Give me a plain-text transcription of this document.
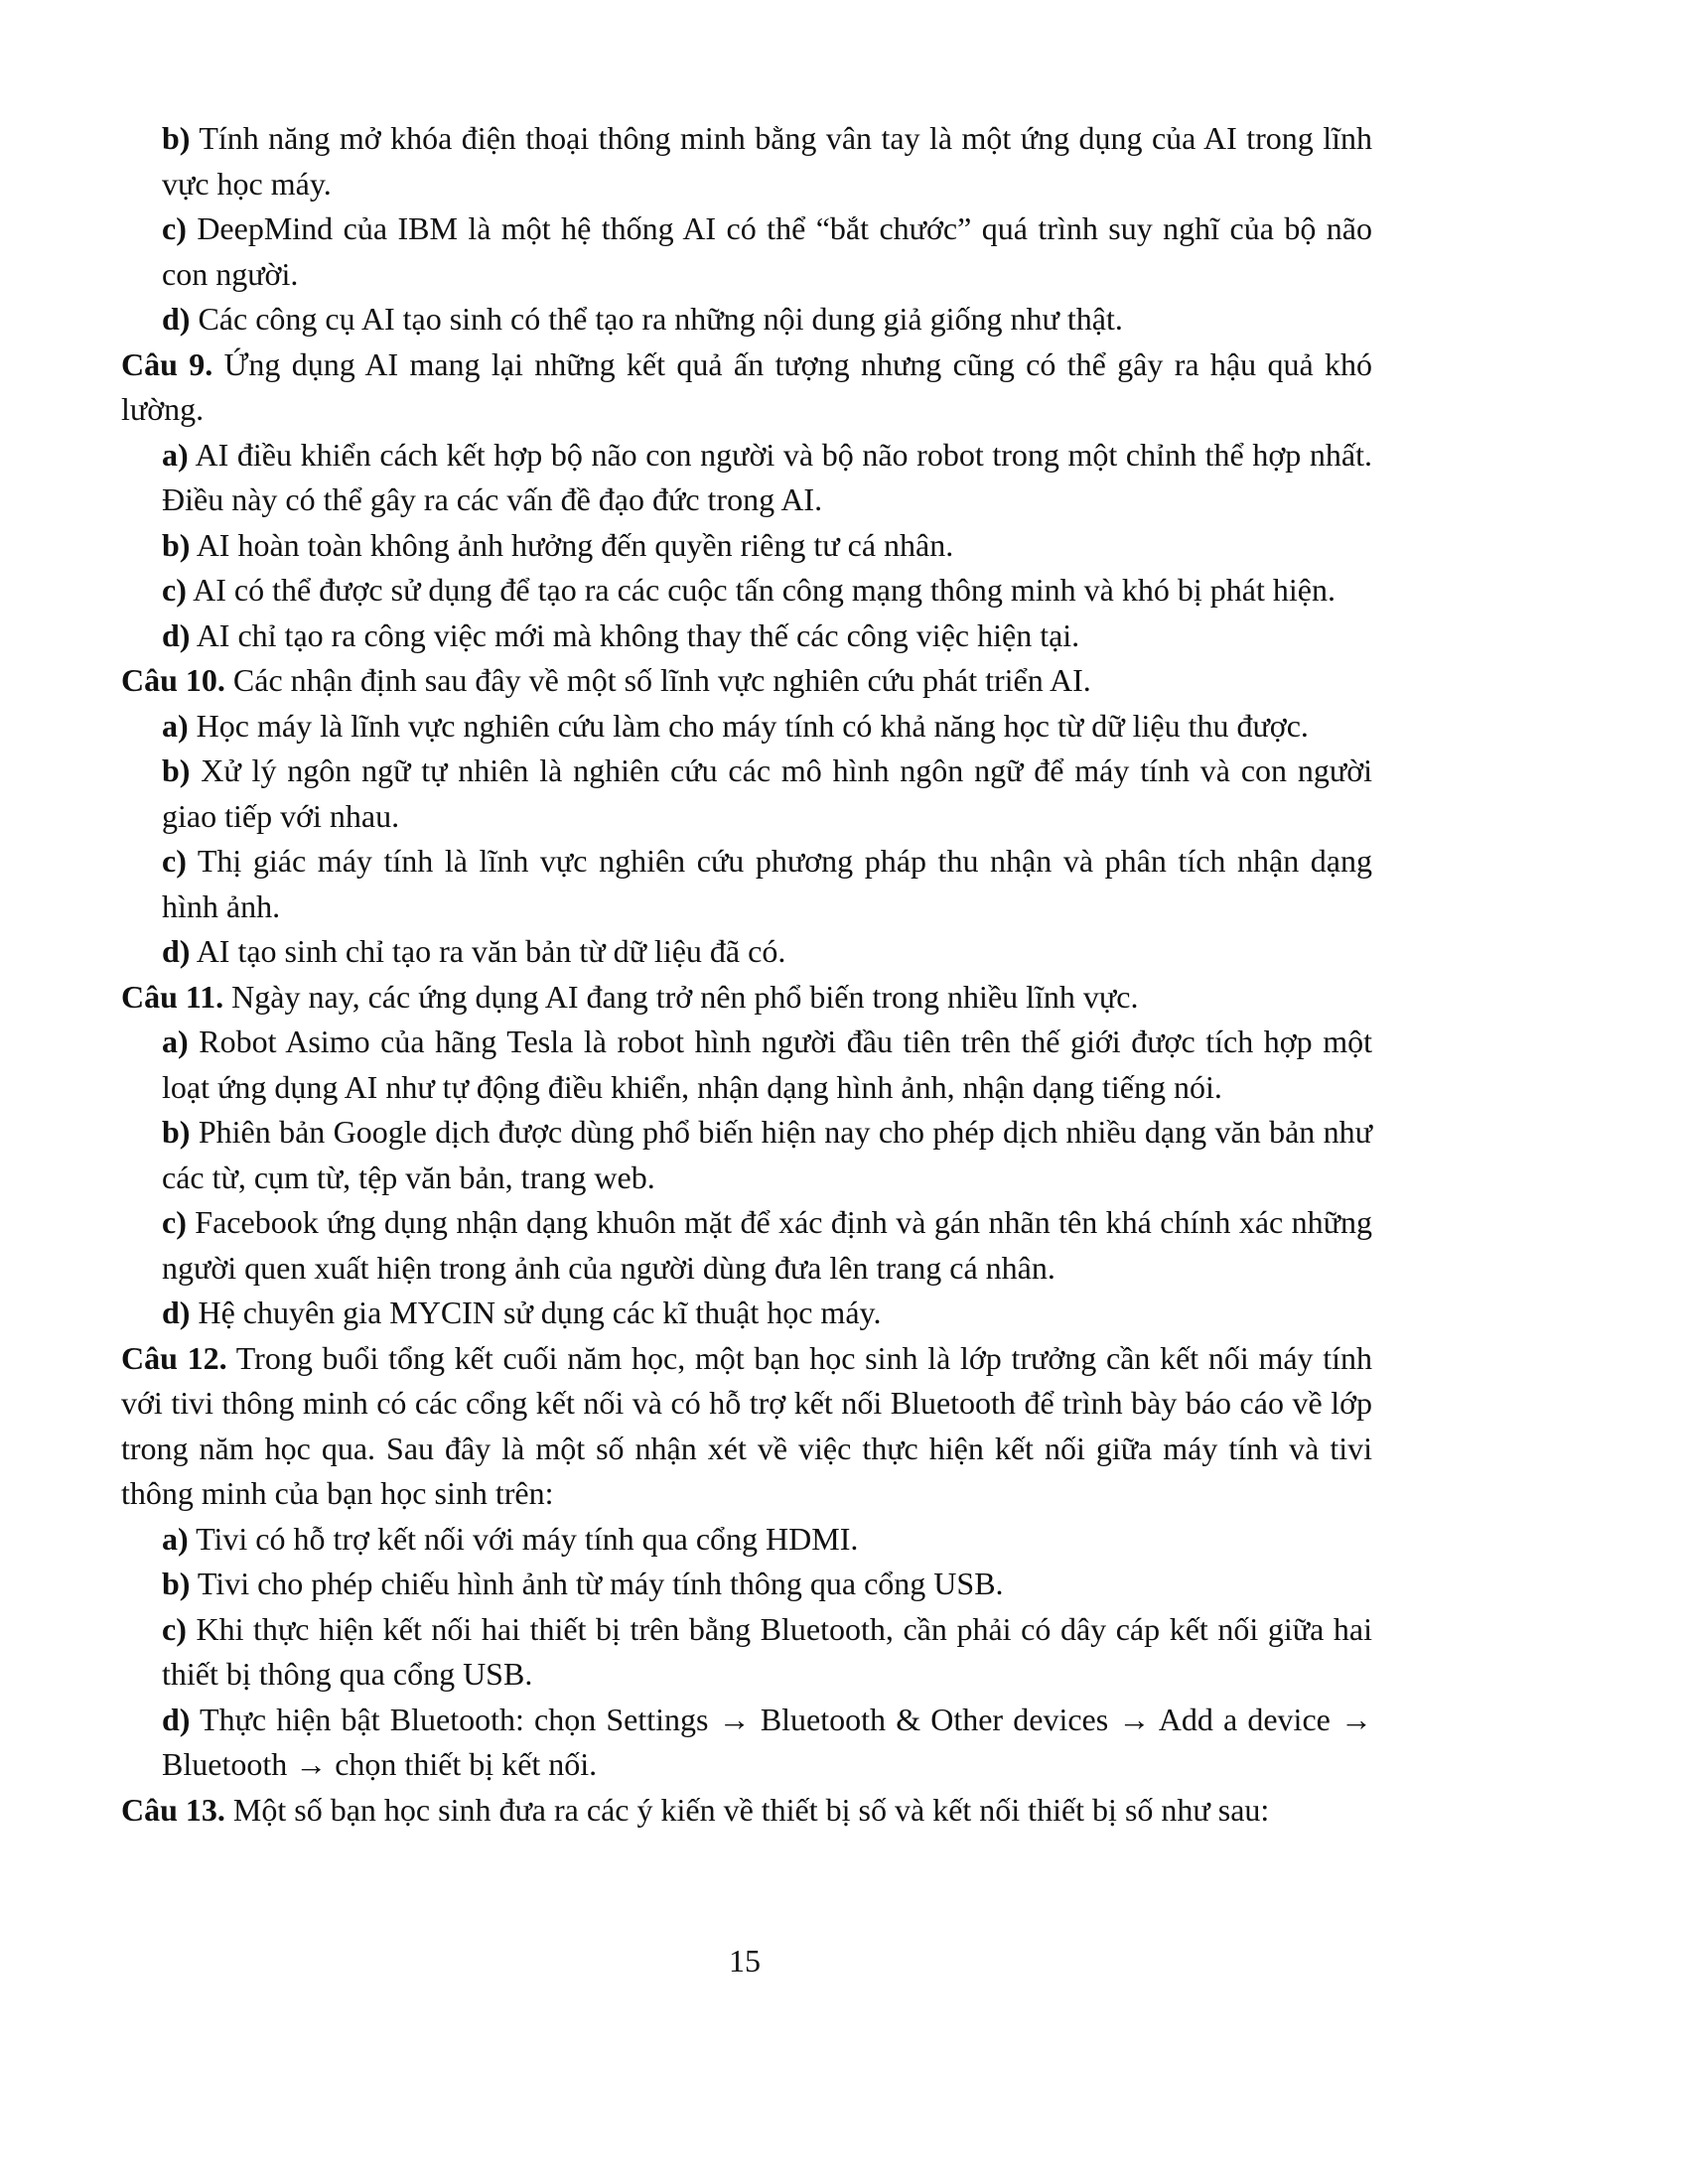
b) Tính năng mở khóa điện thoại thông minh bằng vân tay là một ứng dụng của AI trong lĩnh vực học máy.

c) DeepMind của IBM là một hệ thống AI có thể “bắt chước” quá trình suy nghĩ của bộ não con người.

d) Các công cụ AI tạo sinh có thể tạo ra những nội dung giả giống như thật.

Câu 9. Ứng dụng AI mang lại những kết quả ấn tượng nhưng cũng có thể gây ra hậu quả khó lường.

a) AI điều khiển cách kết hợp bộ não con người và bộ não robot trong một chỉnh thể hợp nhất. Điều này có thể gây ra các vấn đề đạo đức trong AI.

b) AI hoàn toàn không ảnh hưởng đến quyền riêng tư cá nhân.

c) AI có thể được sử dụng để tạo ra các cuộc tấn công mạng thông minh và khó bị phát hiện.

d) AI chỉ tạo ra công việc mới mà không thay thế các công việc hiện tại.

Câu 10. Các nhận định sau đây về một số lĩnh vực nghiên cứu phát triển AI.

a) Học máy là lĩnh vực nghiên cứu làm cho máy tính có khả năng học từ dữ liệu thu được.

b) Xử lý ngôn ngữ tự nhiên là nghiên cứu các mô hình ngôn ngữ để máy tính và con người giao tiếp với nhau.

c) Thị giác máy tính là lĩnh vực nghiên cứu phương pháp thu nhận và phân tích nhận dạng hình ảnh.

d) AI tạo sinh chỉ tạo ra văn bản từ dữ liệu đã có.

Câu 11. Ngày nay, các ứng dụng AI đang trở nên phổ biến trong nhiều lĩnh vực.

a) Robot Asimo của hãng Tesla là robot hình người đầu tiên trên thế giới được tích hợp một loạt ứng dụng AI như tự động điều khiển, nhận dạng hình ảnh, nhận dạng tiếng nói.

b) Phiên bản Google dịch được dùng phổ biến hiện nay cho phép dịch nhiều dạng văn bản như các từ, cụm từ, tệp văn bản, trang web.

c) Facebook ứng dụng nhận dạng khuôn mặt để xác định và gán nhãn tên khá chính xác những người quen xuất hiện trong ảnh của người dùng đưa lên trang cá nhân.

d) Hệ chuyên gia MYCIN sử dụng các kĩ thuật học máy.

Câu 12. Trong buổi tổng kết cuối năm học, một bạn học sinh là lớp trưởng cần kết nối máy tính với tivi thông minh có các cổng kết nối và có hỗ trợ kết nối Bluetooth để trình bày báo cáo về lớp trong năm học qua. Sau đây là một số nhận xét về việc thực hiện kết nối giữa máy tính và tivi thông minh của bạn học sinh trên:

a) Tivi có hỗ trợ kết nối với máy tính qua cổng HDMI.

b) Tivi cho phép chiếu hình ảnh từ máy tính thông qua cổng USB.

c) Khi thực hiện kết nối hai thiết bị trên bằng Bluetooth, cần phải có dây cáp kết nối giữa hai thiết bị thông qua cổng USB.

d) Thực hiện bật Bluetooth: chọn Settings → Bluetooth & Other devices → Add a device → Bluetooth → chọn thiết bị kết nối.

Câu 13. Một số bạn học sinh đưa ra các ý kiến về thiết bị số và kết nối thiết bị số như sau:

15
